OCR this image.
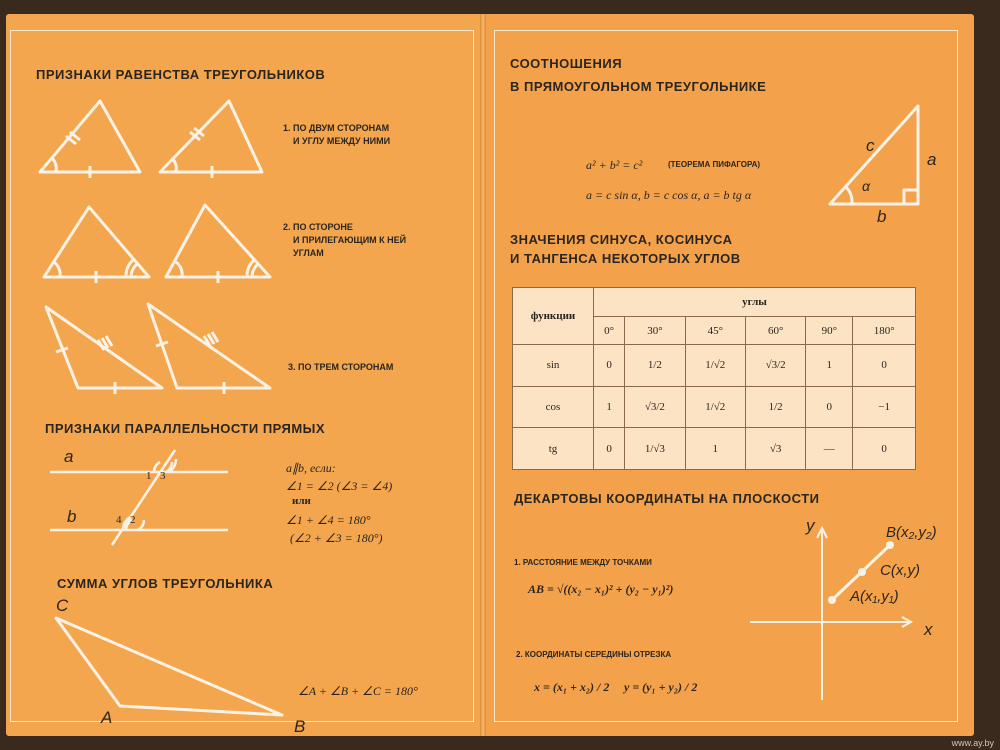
ПРИЗНАКИ РАВЕНСТВА ТРЕУГОЛЬНИКОВ
1. ПО ДВУМ СТОРОНАМ
И УГЛУ МЕЖДУ НИМИ
2. ПО СТОРОНЕ
И ПРИЛЕГАЮЩИМ К НЕЙ
УГЛАМ
3. ПО ТРЕМ СТОРОНАМ
ПРИЗНАКИ ПАРАЛЛЕЛЬНОСТИ ПРЯМЫХ
a
b
1 3
4 2
a∥b, если:
∠1 = ∠2 (∠3 = ∠4)
или
∠1 + ∠4 = 180°
(∠2 + ∠3 = 180°)
СУММА УГЛОВ ТРЕУГОЛЬНИКА
C
A	B
∠A + ∠B + ∠C = 180°
СООТНОШЕНИЯ
В ПРЯМОУГОЛЬНОМ ТРЕУГОЛЬНИКЕ
a² + b² = c²	(ТЕОРЕМА ПИФАГОРА)
a = c sin α, b = c cos α, a = b tg α
c
a
b
α
ЗНАЧЕНИЯ СИНУСА, КОСИНУСА
И ТАНГЕНСА НЕКОТОРЫХ УГЛОВ
функции	углы					
	0°	30°	45°	60°	90°	180°
sin	0	1/2	1/√2	√3/2	1	0
cos	1	√3/2	1/√2	1/2	0	−1
tg	0	1/√3	1	√3	—	0
ДЕКАРТОВЫ КООРДИНАТЫ НА ПЛОСКОСТИ
1. РАССТОЯНИЕ МЕЖДУ ТОЧКАМИ
AB = √((x₂ − x₁)² + (y₂ − y₁)²)
2. КООРДИНАТЫ СЕРЕДИНЫ ОТРЕЗКА
x = (x₁ + x₂) / 2 y = (y₁ + y₂) / 2
y
x
A(x₁,y₁)
C(x,y)
B(x₂,y₂)
www.ay.by
